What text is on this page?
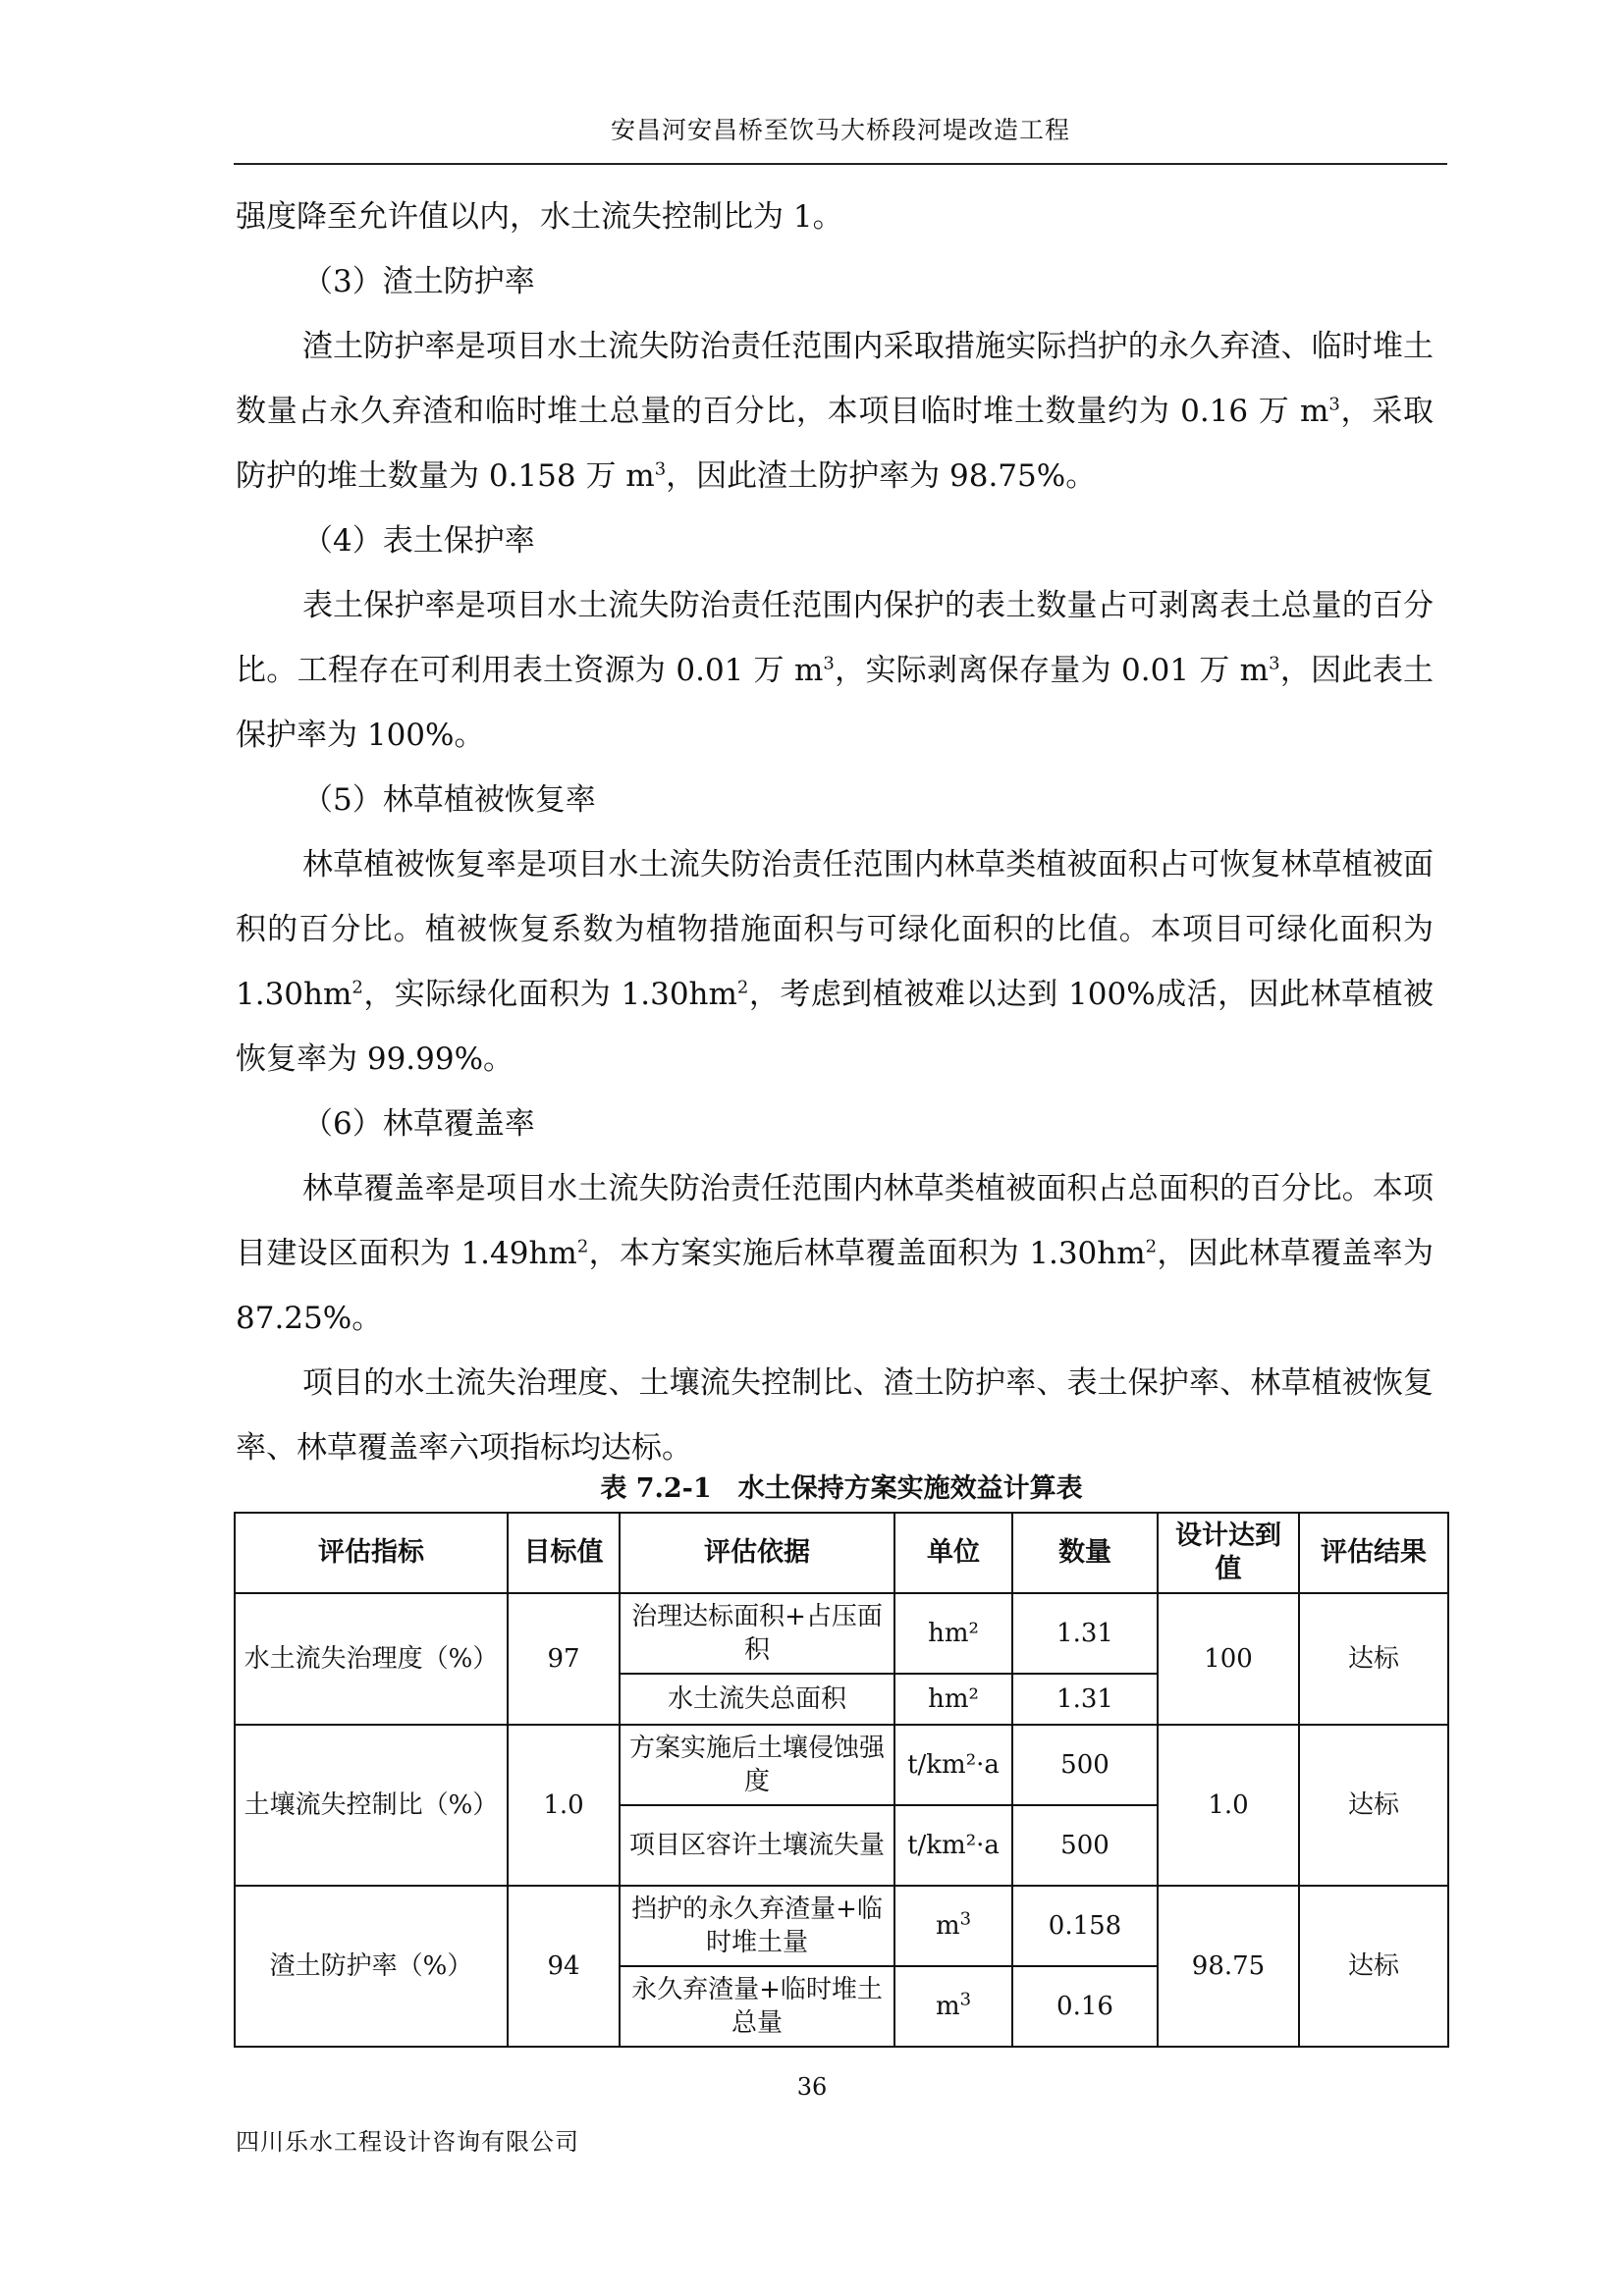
安昌河安昌桥至饮马大桥段河堤改造工程

强度降至允许值以内，水土流失控制比为 1。

（3）渣土防护率

渣土防护率是项目水土流失防治责任范围内采取措施实际挡护的永久弃渣、临时堆土数量占永久弃渣和临时堆土总量的百分比，本项目临时堆土数量约为 0.16 万 $m^3$，采取防护的堆土数量为 0.158 万 $m^3$，因此渣土防护率为 98.75%。

（4）表土保护率

表土保护率是项目水土流失防治责任范围内保护的表土数量占可剥离表土总量的百分比。工程存在可利用表土资源为 0.01 万 $m^3$，实际剥离保存量为 0.01 万 $m^3$，因此表土保护率为 100%。

（5）林草植被恢复率

林草植被恢复率是项目水土流失防治责任范围内林草类植被面积占可恢复林草植被面积的百分比。植被恢复系数为植物措施面积与可绿化面积的比值。本项目可绿化面积为 $1.30hm^2$，实际绿化面积为 $1.30hm^2$，考虑到植被难以达到 100%成活，因此林草植被恢复率为 99.99%。

（6）林草覆盖率

林草覆盖率是项目水土流失防治责任范围内林草类植被面积占总面积的百分比。本项目建设区面积为 $1.49hm^2$，本方案实施后林草覆盖面积为 $1.30hm^2$，因此林草覆盖率为 87.25%。

项目的水土流失治理度、土壤流失控制比、渣土防护率、表土保护率、林草植被恢复率、林草覆盖率六项指标均达标。

表 7.2-1　水土保持方案实施效益计算表
评估指标	目标值	评估依据	单位	数量	设计达到值	评估结果
水土流失治理度（%）	97	治理达标面积+占压面积	hm²	1.31	100	达标
		水土流失总面积	hm²	1.31		
土壤流失控制比（%）	1.0	方案实施后土壤侵蚀强度	t/km²·a	500	1.0	达标
		项目区容许土壤流失量	t/km²·a	500		
渣土防护率（%）	94	挡护的永久弃渣量+临时堆土量	$m^3$	0.158	98.75	达标
		永久弃渣量+临时堆土总量	$m^3$	0.16		
36
四川乐水工程设计咨询有限公司
